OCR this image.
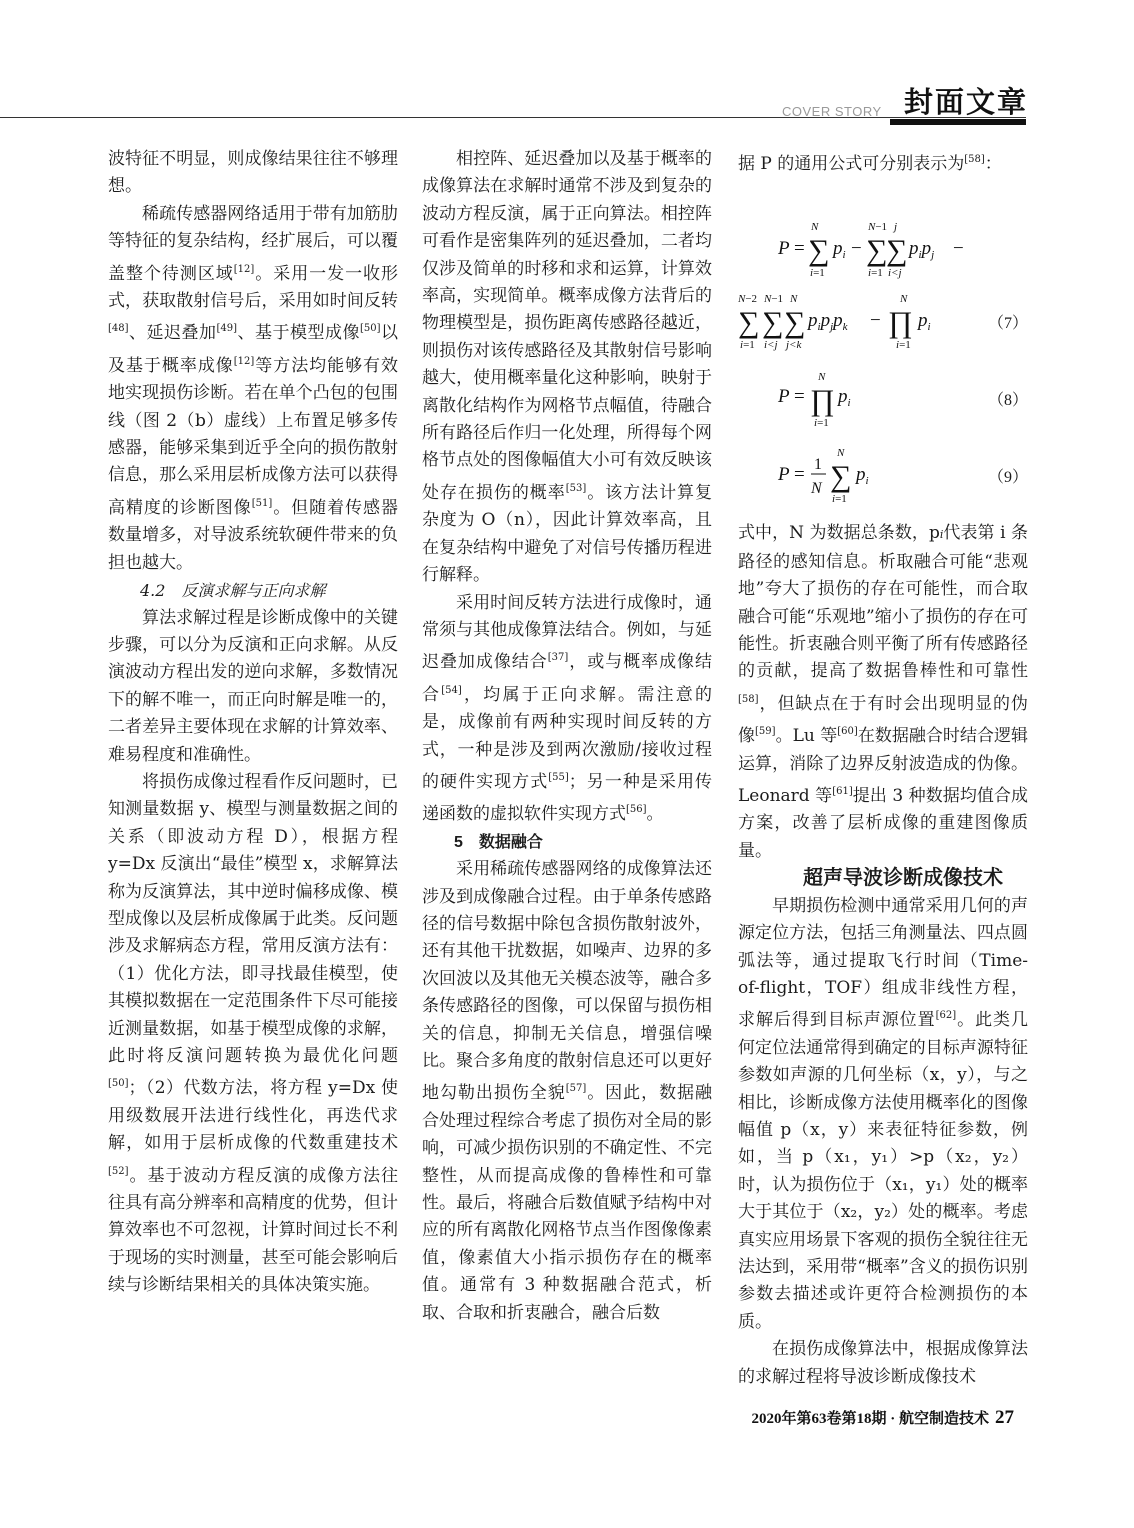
COVER STORY 封面文章

波特征不明显，则成像结果往往不够理想。

稀疏传感器网络适用于带有加筋肋等特征的复杂结构，经扩展后，可以覆盖整个待测区域[12]。采用一发一收形式，获取散射信号后，采用如时间反转[48]、延迟叠加[49]、基于模型成像[50]以及基于概率成像[12]等方法均能够有效地实现损伤诊断。若在单个凸包的包围线（图 2（b）虚线）上布置足够多传感器，能够采集到近乎全向的损伤散射信息，那么采用层析成像方法可以获得高精度的诊断图像[51]。但随着传感器数量增多，对导波系统软硬件带来的负担也越大。

4.2　反演求解与正向求解

算法求解过程是诊断成像中的关键步骤，可以分为反演和正向求解。从反演波动方程出发的逆向求解，多数情况下的解不唯一，而正向时解是唯一的，二者差异主要体现在求解的计算效率、难易程度和准确性。

将损伤成像过程看作反问题时，已知测量数据 y、模型与测量数据之间的关系（即波动方程 D），根据方程 y=Dx 反演出“最佳”模型 x，求解算法称为反演算法，其中逆时偏移成像、模型成像以及层析成像属于此类。反问题涉及求解病态方程，常用反演方法有：（1）优化方法，即寻找最佳模型，使其模拟数据在一定范围条件下尽可能接近测量数据，如基于模型成像的求解，此时将反演问题转换为最优化问题[50]；（2）代数方法，将方程 y=Dx 使用级数展开法进行线性化，再迭代求解，如用于层析成像的代数重建技术[52]。基于波动方程反演的成像方法往往具有高分辨率和高精度的优势，但计算效率也不可忽视，计算时间过长不利于现场的实时测量，甚至可能会影响后续与诊断结果相关的具体决策实施。

相控阵、延迟叠加以及基于概率的成像算法在求解时通常不涉及到复杂的波动方程反演，属于正向算法。相控阵可看作是密集阵列的延迟叠加，二者均仅涉及简单的时移和求和运算，计算效率高，实现简单。概率成像方法背后的物理模型是，损伤距离传感路径越近，则损伤对该传感路径及其散射信号影响越大，使用概率量化这种影响，映射于离散化结构作为网格节点幅值，待融合所有路径后作归一化处理，所得每个网格节点处的图像幅值大小可有效反映该处存在损伤的概率[53]。该方法计算复杂度为 O（n），因此计算效率高，且在复杂结构中避免了对信号传播历程进行解释。

采用时间反转方法进行成像时，通常须与其他成像算法结合。例如，与延迟叠加成像结合[37]，或与概率成像结合[54]，均属于正向求解。需注意的是，成像前有两种实现时间反转的方式，一种是涉及到两次激励/接收过程的硬件实现方式[55]；另一种是采用传递函数的虚拟软件实现方式[56]。

5　数据融合

采用稀疏传感器网络的成像算法还涉及到成像融合过程。由于单条传感路径的信号数据中除包含损伤散射波外，还有其他干扰数据，如噪声、边界的多次回波以及其他无关模态波等，融合多条传感路径的图像，可以保留与损伤相关的信息，抑制无关信息，增强信噪比。聚合多角度的散射信息还可以更好地勾勒出损伤全貌[57]。因此，数据融合处理过程综合考虑了损伤对全局的影响，可减少损伤识别的不确定性、不完整性，从而提高成像的鲁棒性和可靠性。最后，将融合后数值赋予结构中对应的所有离散化网格节点当作图像像素值，像素值大小指示损伤存在的概率值。通常有 3 种数据融合范式，析取、合取和折衷融合，融合后数

据 P 的通用公式可分别表示为[58]：

P =
N
∑
i=1
$p_i$ −
N−1
∑
i=1
j
∑
i<j
$p_ip_j$ −
N−2
∑
i=1
N−1
∑
i<j
N
∑
j<k
$p_ip_jp_k$ −
N
∏
i=1
$p_i$
P =
N
∏
i=1
$p_i$
P = 1
N
N
∑
i=1
$p_i$
（7）
（8）
（9）

式中，N 为数据总条数，pi代表第 i 条路径的感知信息。析取融合可能“悲观地”夸大了损伤的存在可能性，而合取融合可能“乐观地”缩小了损伤的存在可能性。折衷融合则平衡了所有传感路径的贡献，提高了数据鲁棒性和可靠性[58]，但缺点在于有时会出现明显的伪像[59]。Lu 等[60]在数据融合时结合逻辑运算，消除了边界反射波造成的伪像。Leonard 等[61]提出 3 种数据均值合成方案，改善了层析成像的重建图像质量。

超声导波诊断成像技术

早期损伤检测中通常采用几何的声源定位方法，包括三角测量法、四点圆弧法等，通过提取飞行时间（Time-of-flight，TOF）组成非线性方程，求解后得到目标声源位置[62]。此类几何定位法通常得到确定的目标声源特征参数如声源的几何坐标（x，y），与之相比，诊断成像方法使用概率化的图像幅值 p（x，y）来表征特征参数，例如，当 p（x₁，y₁）>p（x₂，y₂）时，认为损伤位于（x₁，y₁）处的概率大于其位于（x₂，y₂）处的概率。考虑真实应用场景下客观的损伤全貌往往无法达到，采用带“概率”含义的损伤识别参数去描述或许更符合检测损伤的本质。

在损伤成像算法中，根据成像算法的求解过程将导波诊断成像技术

2020年第63卷第18期 · 航空制造技术 27
